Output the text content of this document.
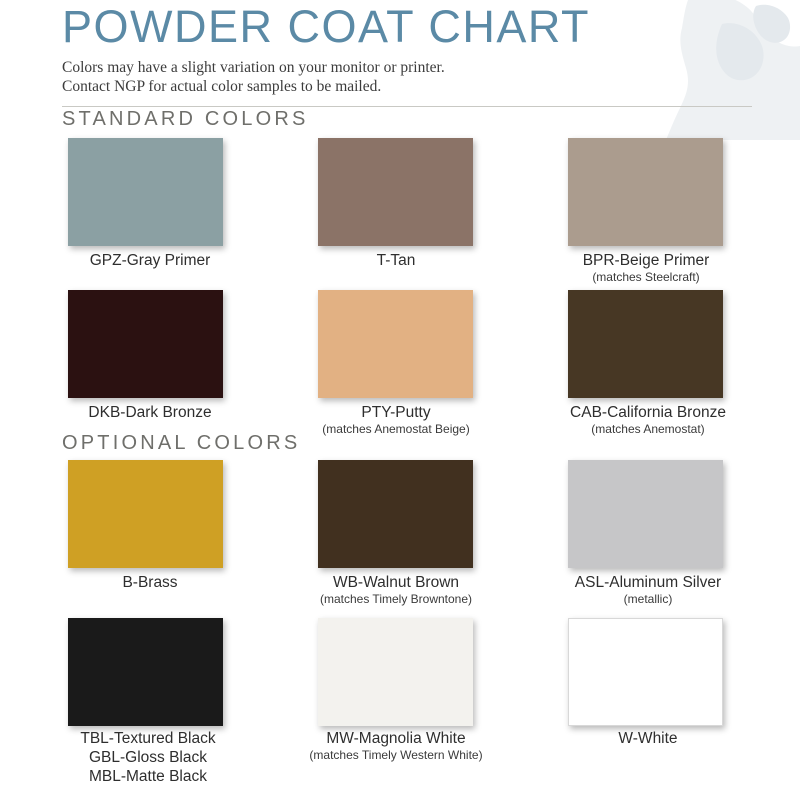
POWDER COAT CHART

Colors may have a slight variation on your monitor or printer.

Contact NGP for actual color samples to be mailed.

STANDARD COLORS
OPTIONAL COLORS
GPZ-Gray Primer	T-Tan	BPR-Beige Primer
(matches Steelcraft)
DKB-Dark Bronze	PTY-Putty
(matches Anemostat Beige)
CAB-California Bronze
(matches Anemostat)
B-Brass	WB-Walnut Brown
(matches Timely Browntone)
ASL-Aluminum Silver
(metallic)
TBL-Textured Black
GBL-Gloss Black
MBL-Matte Black
MW-Magnolia White
(matches Timely Western White)
W-White
